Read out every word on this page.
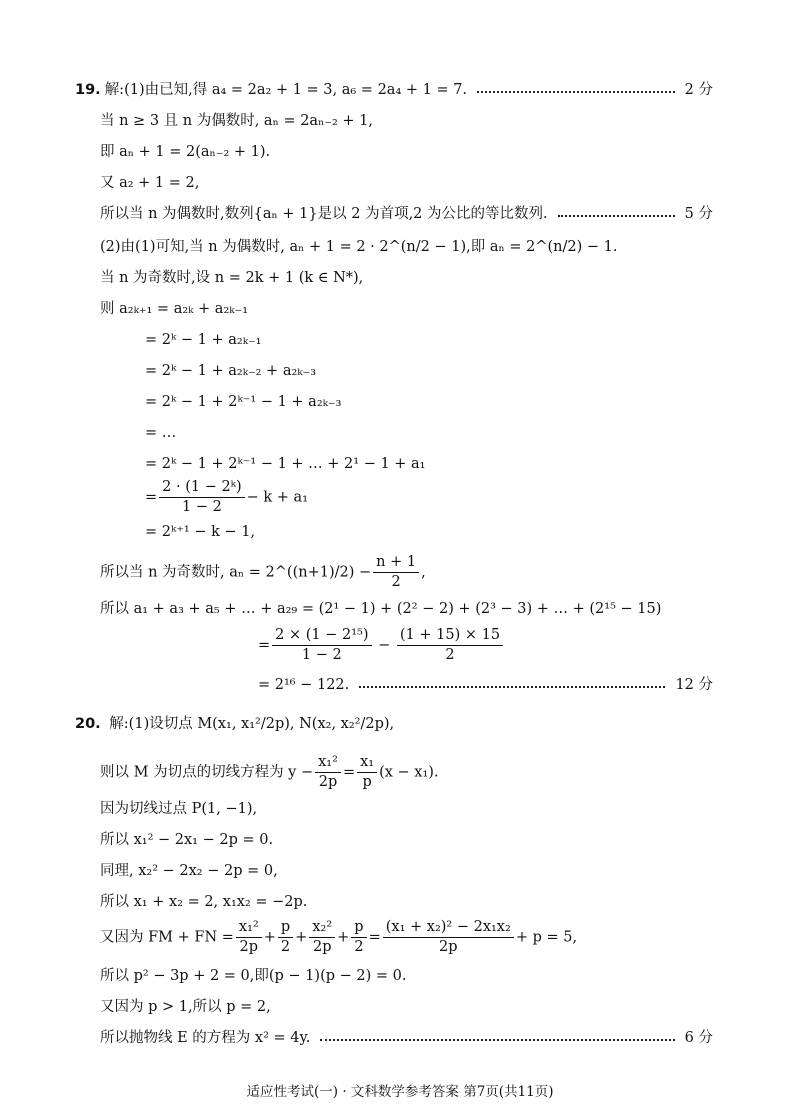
19. 解:(1)由已知,得 a₄ = 2a₂ + 1 = 3, a₆ = 2a₄ + 1 = 7.	2 分
当 n ≥ 3 且 n 为偶数时, aₙ = 2aₙ₋₂ + 1,
即 aₙ + 1 = 2(aₙ₋₂ + 1).
又 a₂ + 1 = 2,
所以当 n 为偶数时,数列{aₙ + 1}是以 2 为首项,2 为公比的等比数列.	5 分
(2)由(1)可知,当 n 为偶数时, aₙ + 1 = 2 · 2^(n/2 − 1),即 aₙ = 2^(n/2) − 1.
当 n 为奇数时,设 n = 2k + 1 (k ∈ N*),
则 a₂ₖ₊₁ = a₂ₖ + a₂ₖ₋₁
= 2ᵏ − 1 + a₂ₖ₋₁
= 2ᵏ − 1 + a₂ₖ₋₂ + a₂ₖ₋₃
= 2ᵏ − 1 + 2ᵏ⁻¹ − 1 + a₂ₖ₋₃
= …
= 2ᵏ − 1 + 2ᵏ⁻¹ − 1 + … + 2¹ − 1 + a₁
= $\frac{\text{2 · (1 − 2ᵏ)}}{1 - 2} - k + a_1$
= 2ᵏ⁺¹ − k − 1,
所以当 n 为奇数时, aₙ = 2^((n+1)/2) − $\frac{n + 1}{2}$ ,
所以 a₁ + a₃ + a₅ + … + a₂₉ = (2¹ − 1) + (2² − 2) + (2³ − 3) + … + (2¹⁵ − 15)
= $\frac{\text{2 × (1 − 2¹⁵)}}{1 - 2} - \frac{(1 + 15) \times 15}{2}$
= 2¹⁶ − 122.	12 分
20. 解:(1)设切点 M(x₁, x₁²/2p), N(x₂, x₂²/2p),
则以 M 为切点的切线方程为 $y - \frac{\text{x₁²}}{2p} = \frac{\text{x₁}}{p} (x - x_1)$.
因为切线过点 P(1, −1),
所以 x₁² − 2x₁ − 2p = 0.
同理, x₂² − 2x₂ − 2p = 0,
所以 x₁ + x₂ = 2, x₁x₂ = −2p.
又因为 FM + FN = $\frac{\text{x₁²}}{2p} + \frac{p}{2} + \frac{\text{x₂²}}{2p} + \frac{p}{2} = \frac{\text{(x₁ + x₂)² − 2x₁x₂}}{2p} + p = 5$,
所以 p² − 3p + 2 = 0,即(p − 1)(p − 2) = 0.
又因为 p > 1,所以 p = 2,
所以抛物线 E 的方程为 x² = 4y.	6 分
适应性考试(一) · 文科数学参考答案 第7页(共11页)
